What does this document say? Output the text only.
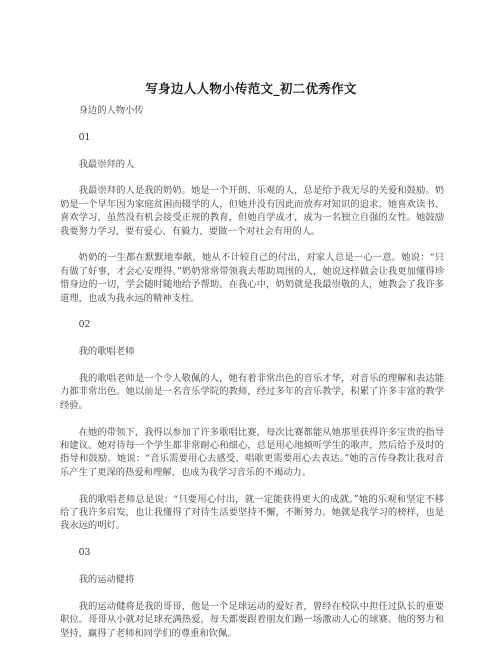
写身边人人物小传范文_初二优秀作文

身边的人物小传

01

我最崇拜的人

我最崇拜的人是我的奶奶。她是一个开朗、乐观的人，总是给予我无尽的关爱和鼓励。奶奶是一个早年因为家庭贫困而辍学的人，但她并没有因此而放弃对知识的追求。她喜欢读书、喜欢学习，虽然没有机会接受正规的教育，但她自学成才，成为一名独立自强的女性。她鼓励我要努力学习，要有爱心、有毅力，要做一个对社会有用的人。

奶奶的一生都在默默地奉献，她从不计较自己的付出，对家人总是一心一意。她说：“只有做了好事，才会心安理得。”奶奶常常带领我去帮助周围的人，她说这样做会让我更加懂得珍惜身边的一切，学会随时随地给予帮助。在我心中，奶奶就是我最崇敬的人，她教会了我许多道理，也成为我永远的精神支柱。

02

我的歌唱老师

我的歌唱老师是一个令人敬佩的人，她有着非常出色的音乐才华，对音乐的理解和表达能力都非常出色。她以前是一名音乐学院的教师，经过多年的音乐教学，积累了许多丰富的教学经验。

在她的带领下，我得以参加了许多歌唱比赛，每次比赛都能从她那里获得许多宝贵的指导和建议。她对待每一个学生都非常耐心和细心，总是用心地倾听学生的歌声，然后给予及时的指导和鼓励。她说：“音乐需要用心去感受，唱歌更需要用心去表达。”她的言传身教让我对音乐产生了更深的热爱和理解，也成为我学习音乐的不竭动力。

我的歌唱老师总是说：“只要用心付出，就一定能获得更大的成就。”她的乐观和坚定不移给了我许多启发，也让我懂得了对待生活要坚持不懈，不断努力。她就是我学习的榜样，也是我永远的明灯。

03

我的运动健将

我的运动健将是我的哥哥，他是一个足球运动的爱好者，曾经在校队中担任过队长的重要职位。哥哥从小就对足球充满热爱，每天都要跟着朋友们踢一场激动人心的球赛。他的努力和坚持，赢得了老师和同学们的尊重和钦佩。
